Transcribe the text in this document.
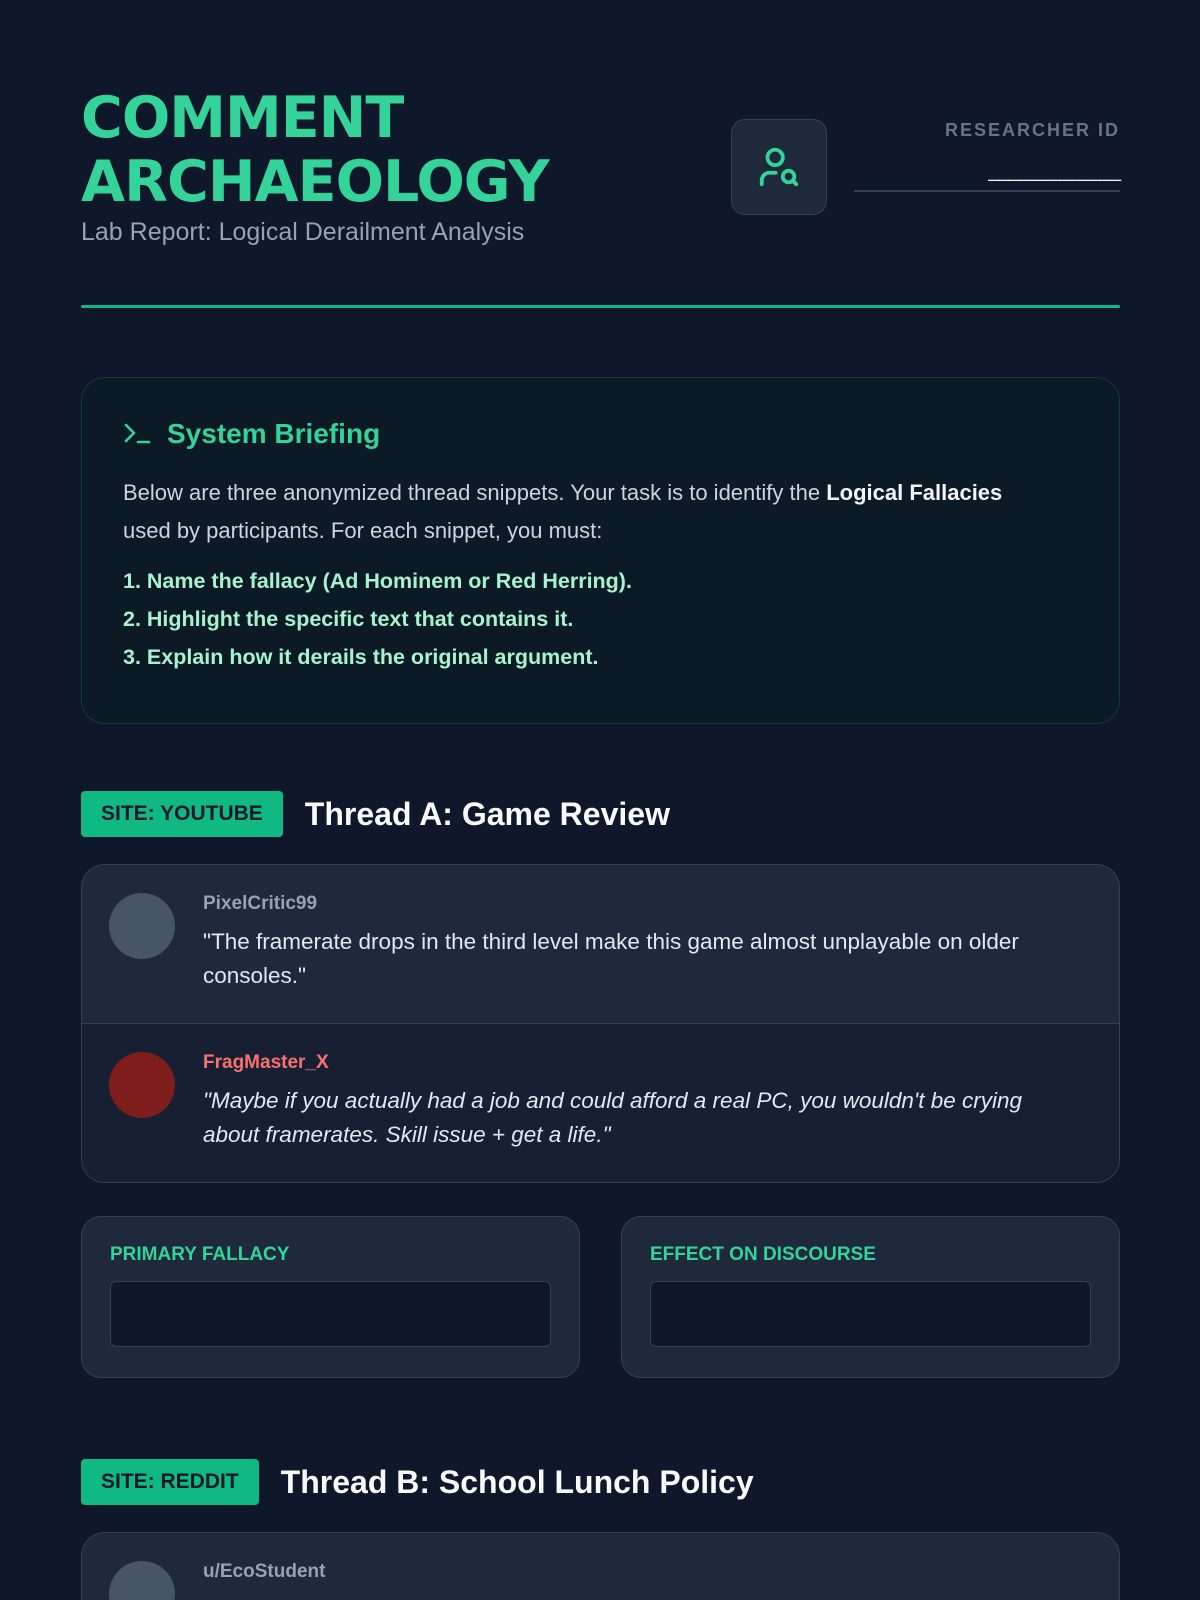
COMMENT
ARCHAEOLOGY
Lab Report: Logical Derailment Analysis
RESEARCHER ID
_____________
System Briefing

Below are three anonymized thread snippets. Your task is to identify the Logical Fallacies used by participants. For each snippet, you must:

1. Name the fallacy (Ad Hominem or Red Herring).
2. Highlight the specific text that contains it.
3. Explain how it derails the original argument.
SITE: YOUTUBE	Thread A: Game Review
PixelCritic99
"The framerate drops in the third level make this game almost unplayable on older consoles."
FragMaster_X
"Maybe if you actually had a job and could afford a real PC, you wouldn't be crying about framerates. Skill issue + get a life."
PRIMARY FALLACY	EFFECT ON DISCOURSE
SITE: REDDIT	Thread B: School Lunch Policy
u/EcoStudent
